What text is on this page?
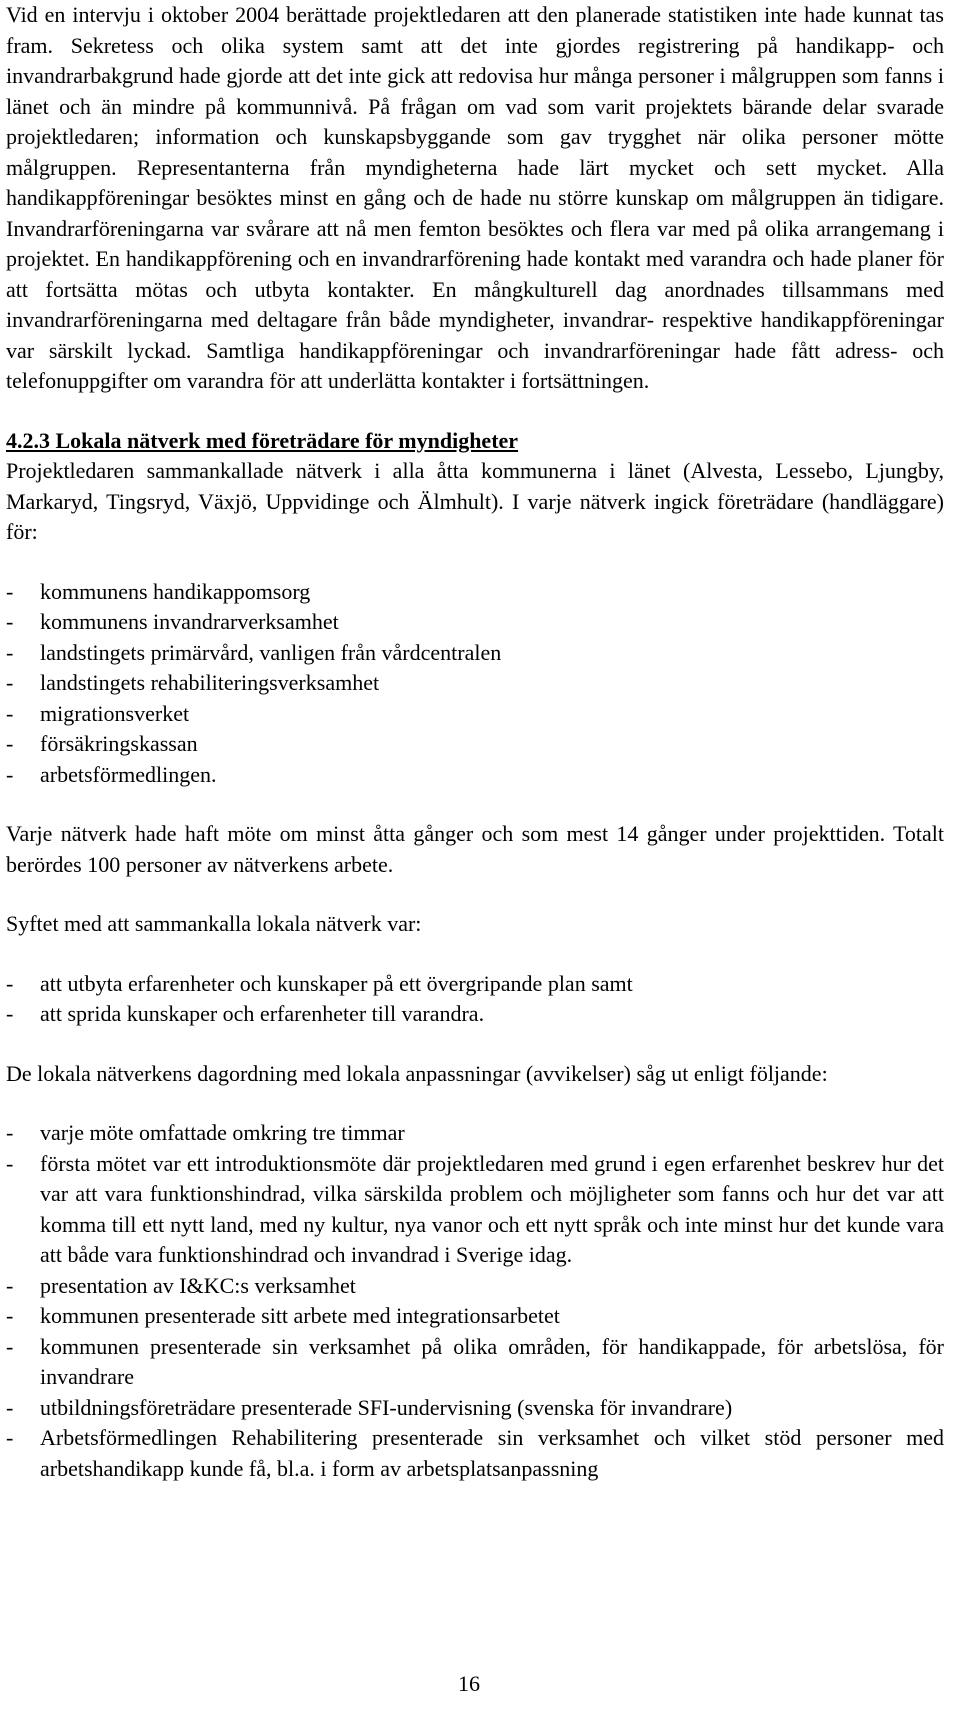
Vid en intervju i oktober 2004 berättade projektledaren att den planerade statistiken inte hade kunnat tas fram. Sekretess och olika system samt att det inte gjordes registrering på handikapp- och invandrarbakgrund hade gjorde att det inte gick att redovisa hur många personer i målgruppen som fanns i länet och än mindre på kommunnivå. På frågan om vad som varit projektets bärande delar svarade projektledaren; information och kunskapsbyggande som gav trygghet när olika personer mötte målgruppen. Representanterna från myndigheterna hade lärt mycket och sett mycket. Alla handikappföreningar besöktes minst en gång och de hade nu större kunskap om målgruppen än tidigare. Invandrarföreningarna var svårare att nå men femton besöktes och flera var med på olika arrangemang i projektet. En handikappförening och en invandrarförening hade kontakt med varandra och hade planer för att fortsätta mötas och utbyta kontakter. En mångkulturell dag anordnades tillsammans med invandrarföreningarna med deltagare från både myndigheter, invandrar- respektive handikappföreningar var särskilt lyckad. Samtliga handikappföreningar och invandrarföreningar hade fått adress- och telefonuppgifter om varandra för att underlätta kontakter i fortsättningen.

4.2.3 Lokala nätverk med företrädare för myndigheter

Projektledaren sammankallade nätverk i alla åtta kommunerna i länet (Alvesta, Lessebo, Ljungby, Markaryd, Tingsryd, Växjö, Uppvidinge och Älmhult). I varje nätverk ingick företrädare (handläggare) för:

- kommunens handikappomsorg
- kommunens invandrarverksamhet
- landstingets primärvård, vanligen från vårdcentralen
- landstingets rehabiliteringsverksamhet
- migrationsverket
- försäkringskassan
- arbetsförmedlingen.

Varje nätverk hade haft möte om minst åtta gånger och som mest 14 gånger under projekttiden. Totalt berördes 100 personer av nätverkens arbete.

Syftet med att sammankalla lokala nätverk var:

- att utbyta erfarenheter och kunskaper på ett övergripande plan samt
- att sprida kunskaper och erfarenheter till varandra.

De lokala nätverkens dagordning med lokala anpassningar (avvikelser) såg ut enligt följande:

- varje möte omfattade omkring tre timmar
- första mötet var ett introduktionsmöte där projektledaren med grund i egen erfarenhet beskrev hur det var att vara funktionshindrad, vilka särskilda problem och möjligheter som fanns och hur det var att komma till ett nytt land, med ny kultur, nya vanor och ett nytt språk och inte minst hur det kunde vara att både vara funktionshindrad och invandrad i Sverige idag.
- presentation av I&KC:s verksamhet
- kommunen presenterade sitt arbete med integrationsarbetet
- kommunen presenterade sin verksamhet på olika områden, för handikappade, för arbetslösa, för invandrare
- utbildningsföreträdare presenterade SFI-undervisning (svenska för invandrare)
- Arbetsförmedlingen Rehabilitering presenterade sin verksamhet och vilket stöd personer med arbetshandikapp kunde få, bl.a. i form av arbetsplatsanpassning
16
